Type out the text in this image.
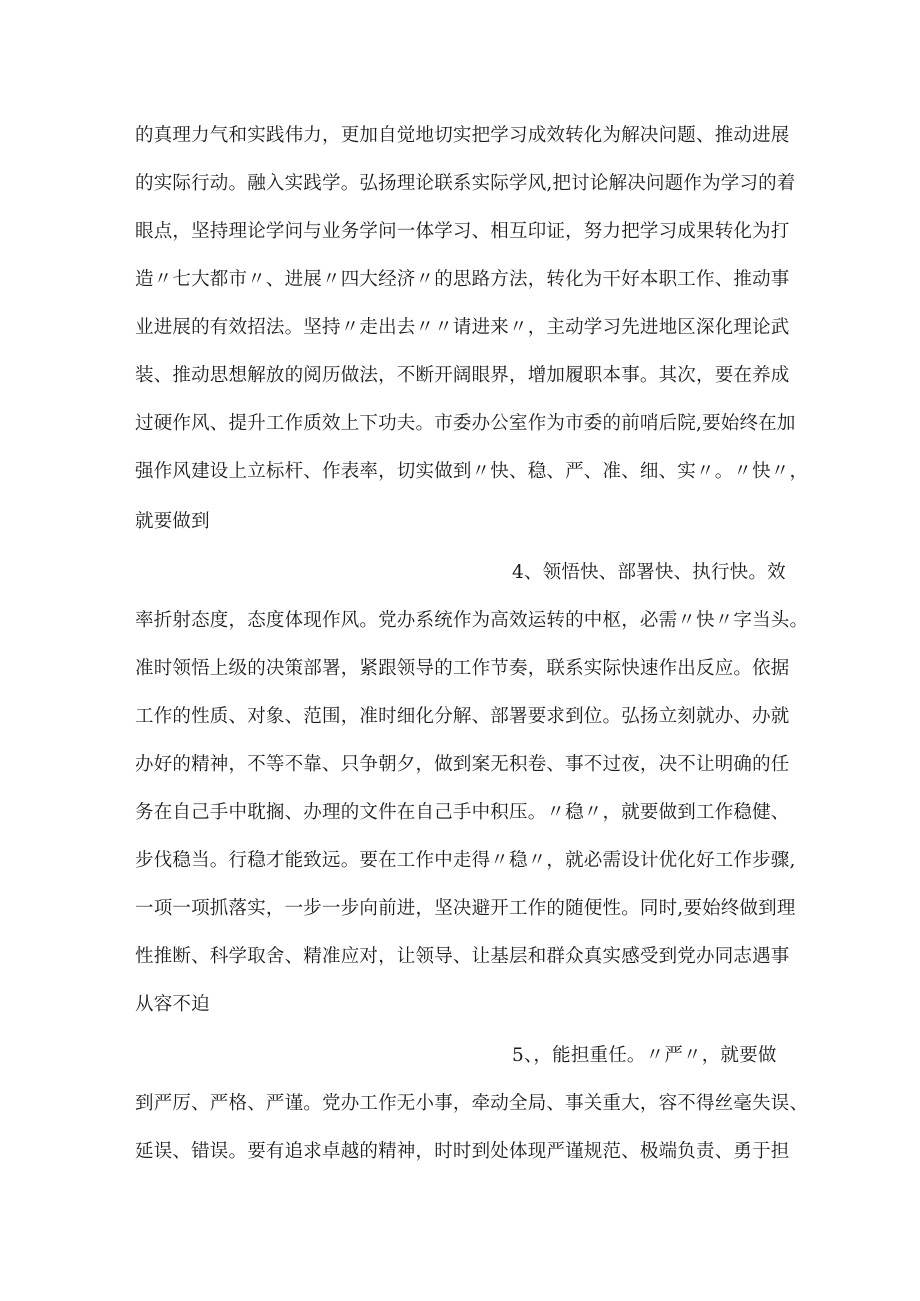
的真理力气和实践伟力，更加自觉地切实把学习成效转化为解决问题、推动进展
的实际行动。融入实践学。弘扬理论联系实际学风,把讨论解决问题作为学习的着
眼点，坚持理论学问与业务学问一体学习、相互印证，努力把学习成果转化为打
造〃七大都市〃、进展〃四大经济〃的思路方法，转化为干好本职工作、推动事
业进展的有效招法。坚持〃走出去〃〃请进来〃，主动学习先进地区深化理论武
装、推动思想解放的阅历做法，不断开阔眼界，增加履职本事。其次，要在养成
过硬作风、提升工作质效上下功夫。市委办公室作为市委的前哨后院,要始终在加
强作风建设上立标杆、作表率，切实做到〃快、稳、严、准、细、实〃。〃快〃，
就要做到
4、领悟快、部署快、执行快。效
率折射态度，态度体现作风。党办系统作为高效运转的中枢，必需〃快〃字当头。
准时领悟上级的决策部署，紧跟领导的工作节奏，联系实际快速作出反应。依据
工作的性质、对象、范围，准时细化分解、部署要求到位。弘扬立刻就办、办就
办好的精神，不等不靠、只争朝夕，做到案无积卷、事不过夜，决不让明确的任
务在自己手中耽搁、办理的文件在自己手中积压。〃稳〃，就要做到工作稳健、
步伐稳当。行稳才能致远。要在工作中走得〃稳〃，就必需设计优化好工作步骤,
一项一项抓落实，一步一步向前进，坚决避开工作的随便性。同时,要始终做到理
性推断、科学取舍、精准应对，让领导、让基层和群众真实感受到党办同志遇事
从容不迫
5、，能担重任。〃严〃，就要做
到严厉、严格、严谨。党办工作无小事，牵动全局、事关重大，容不得丝毫失误、
延误、错误。要有追求卓越的精神，时时到处体现严谨规范、极端负责、勇于担
